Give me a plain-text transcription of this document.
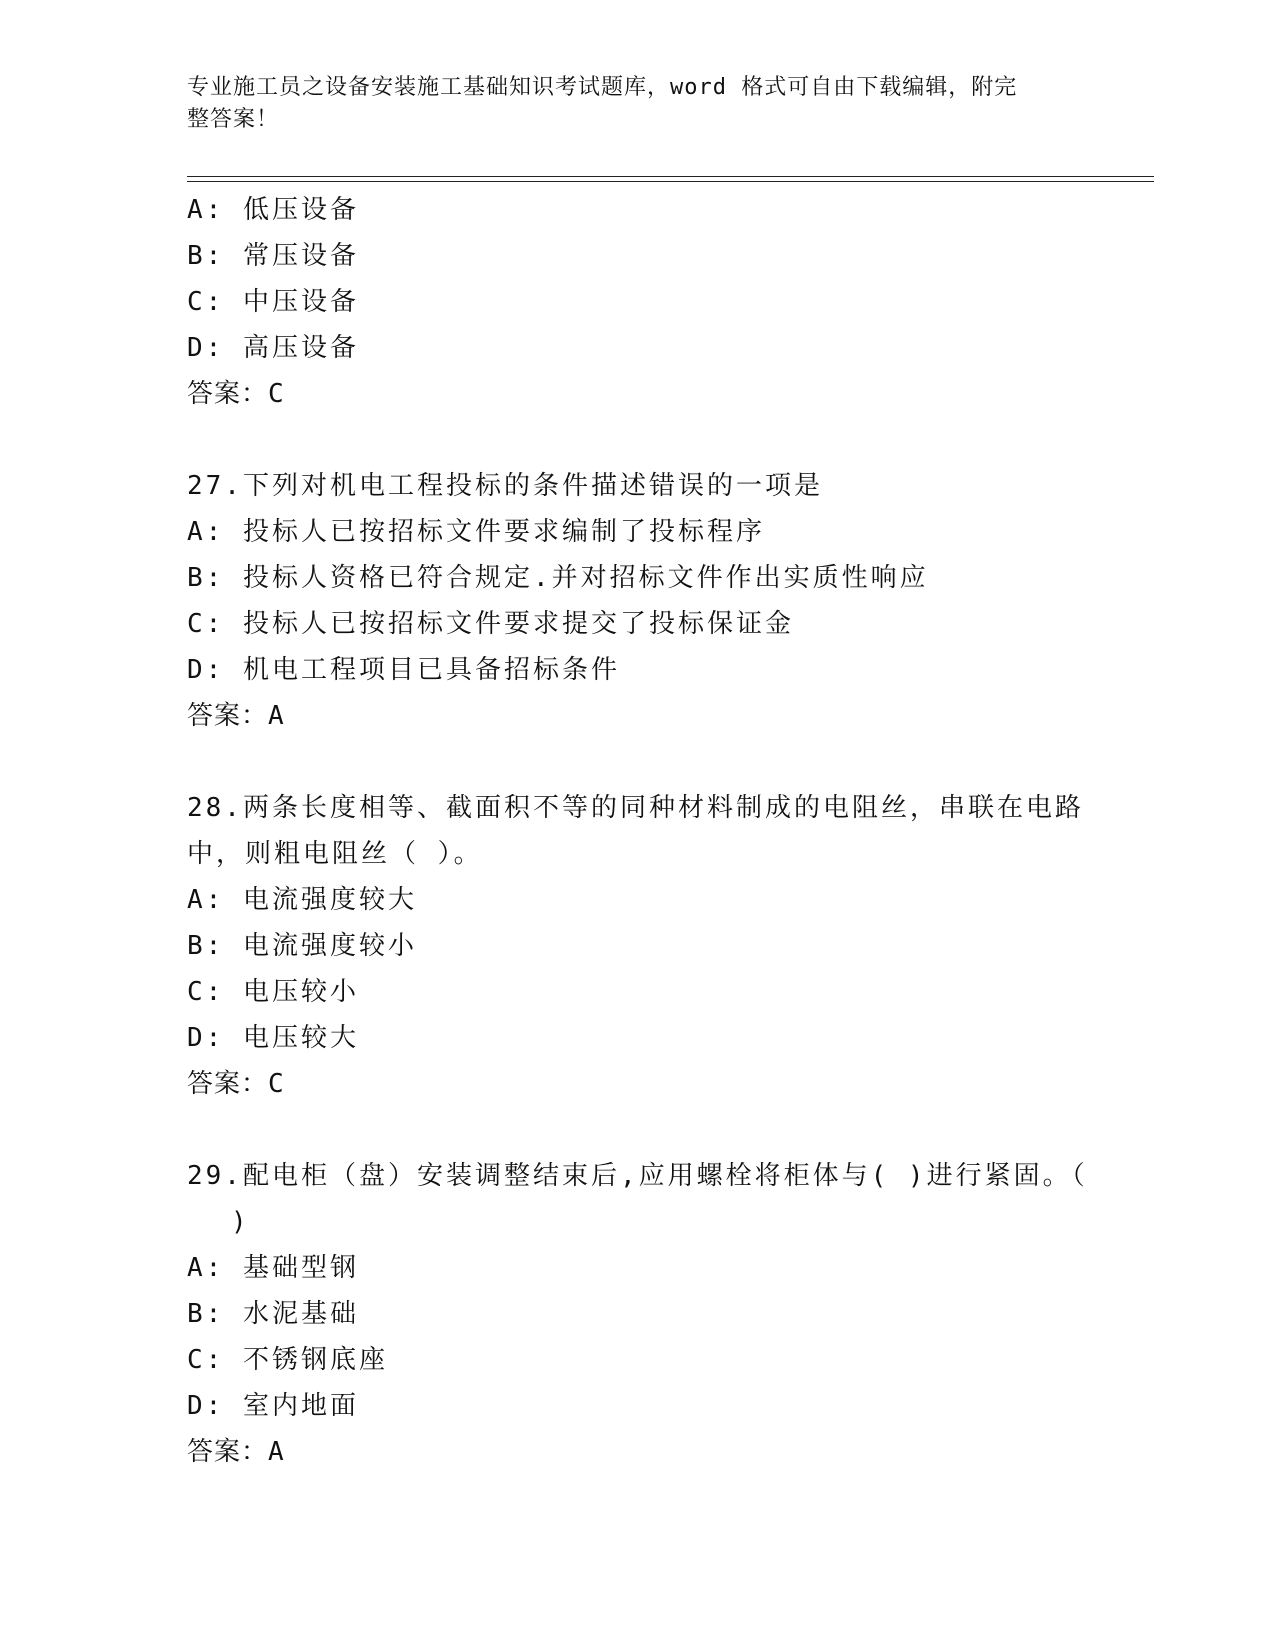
专业施工员之设备安装施工基础知识考试题库，word 格式可自由下载编辑，附完
整答案！
A: 低压设备
B: 常压设备
C: 中压设备
D: 高压设备
答案：C
27.下列对机电工程投标的条件描述错误的一项是
A: 投标人已按招标文件要求编制了投标程序
B: 投标人资格已符合规定.并对招标文件作出实质性响应
C: 投标人已按招标文件要求提交了投标保证金
D: 机电工程项目已具备招标条件
答案：A
28.两条长度相等、截面积不等的同种材料制成的电阻丝，串联在电路
中，则粗电阻丝（ ）。
A: 电流强度较大
B: 电流强度较小
C: 电压较小
D: 电压较大
答案：C
29.配电柜（盘）安装调整结束后,应用螺栓将柜体与( )进行紧固。（
)
A: 基础型钢
B: 水泥基础
C: 不锈钢底座
D: 室内地面
答案：A
